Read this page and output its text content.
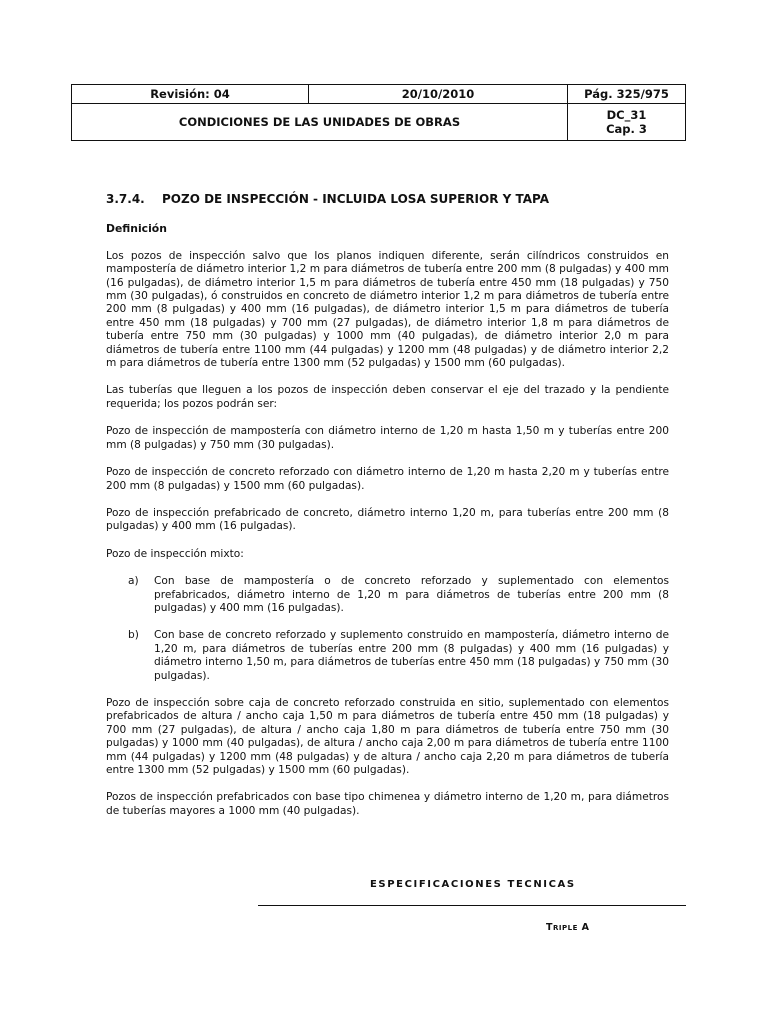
Revisión: 04	20/10/2010	Pág. 325/975
CONDICIONES DE LAS UNIDADES DE OBRAS		DC_31
Cap. 3
3.7.4. POZO DE INSPECCIÓN - INCLUIDA LOSA SUPERIOR Y TAPA
Definición

Los pozos de inspección salvo que los planos indiquen diferente, serán cilíndricos construidos en mampostería de diámetro interior 1,2 m para diámetros de tubería entre 200 mm (8 pulgadas) y 400 mm (16 pulgadas), de diámetro interior 1,5 m para diámetros de tubería entre 450 mm (18 pulgadas) y 750 mm (30 pulgadas), ó construidos en concreto de diámetro interior 1,2 m para diámetros de tubería entre 200 mm (8 pulgadas) y 400 mm (16 pulgadas), de diámetro interior 1,5 m para diámetros de tubería entre 450 mm (18 pulgadas) y 700 mm (27 pulgadas), de diámetro interior 1,8 m para diámetros de tubería entre 750 mm (30 pulgadas) y 1000 mm (40 pulgadas), de diámetro interior 2,0 m para diámetros de tubería entre 1100 mm (44 pulgadas) y 1200 mm (48 pulgadas) y de diámetro interior 2,2 m para diámetros de tubería entre 1300 mm (52 pulgadas) y 1500 mm (60 pulgadas).

Las tuberías que lleguen a los pozos de inspección deben conservar el eje del trazado y la pendiente requerida; los pozos podrán ser:

Pozo de inspección de mampostería con diámetro interno de 1,20 m hasta 1,50 m y tuberías entre 200 mm (8 pulgadas) y 750 mm (30 pulgadas).

Pozo de inspección de concreto reforzado con diámetro interno de 1,20 m hasta 2,20 m y tuberías entre 200 mm (8 pulgadas) y 1500 mm (60 pulgadas).

Pozo de inspección prefabricado de concreto, diámetro interno 1,20 m, para tuberías entre 200 mm (8 pulgadas) y 400 mm (16 pulgadas).

Pozo de inspección mixto:

a) Con base de mampostería o de concreto reforzado y suplementado con elementos prefabricados, diámetro interno de 1,20 m para diámetros de tuberías entre 200 mm (8 pulgadas) y 400 mm (16 pulgadas).
b) Con base de concreto reforzado y suplemento construido en mampostería, diámetro interno de 1,20 m, para diámetros de tuberías entre 200 mm (8 pulgadas) y 400 mm (16 pulgadas) y diámetro interno 1,50 m, para diámetros de tuberías entre 450 mm (18 pulgadas) y 750 mm (30 pulgadas).

Pozo de inspección sobre caja de concreto reforzado construida en sitio, suplementado con elementos prefabricados de altura / ancho caja 1,50 m para diámetros de tubería entre 450 mm (18 pulgadas) y 700 mm (27 pulgadas), de altura / ancho caja 1,80 m para diámetros de tubería entre 750 mm (30 pulgadas) y 1000 mm (40 pulgadas), de altura / ancho caja 2,00 m para diámetros de tubería entre 1100 mm (44 pulgadas) y 1200 mm (48 pulgadas) y de altura / ancho caja 2,20 m para diámetros de tubería entre 1300 mm (52 pulgadas) y 1500 mm (60 pulgadas).

Pozos de inspección prefabricados con base tipo chimenea y diámetro interno de 1,20 m, para diámetros de tuberías mayores a 1000 mm (40 pulgadas).

ESPECIFICACIONES TECNICAS
Triple A
